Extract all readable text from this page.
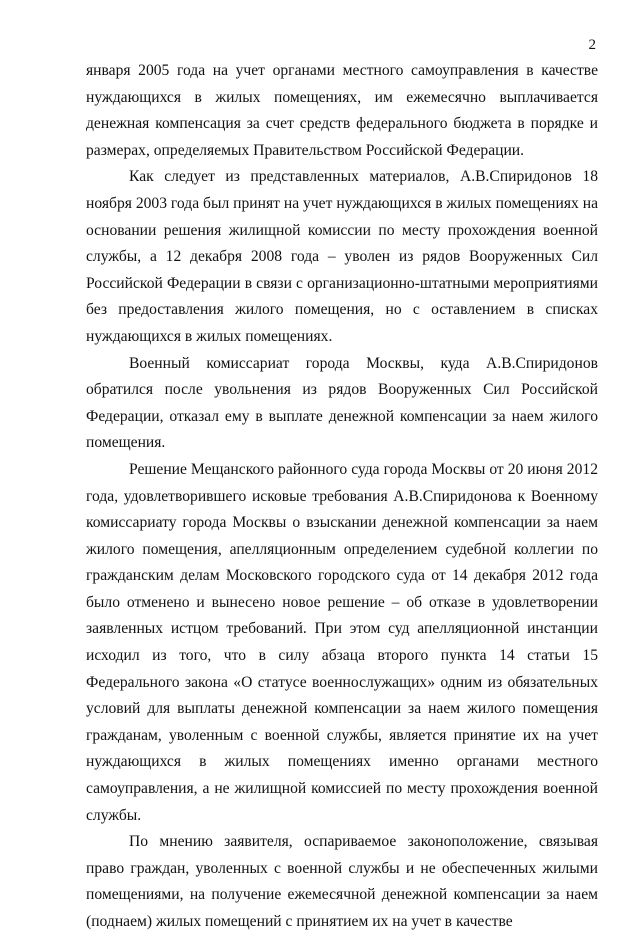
2

января 2005 года на учет органами местного самоуправления в качестве нуждающихся в жилых помещениях, им ежемесячно выплачивается денежная компенсация за счет средств федерального бюджета в порядке и размерах, определяемых Правительством Российской Федерации.

Как следует из представленных материалов, А.В.Спиридонов 18 ноября 2003 года был принят на учет нуждающихся в жилых помещениях на основании решения жилищной комиссии по месту прохождения военной службы, а 12 декабря 2008 года – уволен из рядов Вооруженных Сил Российской Федерации в связи с организационно-штатными мероприятиями без предоставления жилого помещения, но с оставлением в списках нуждающихся в жилых помещениях.

Военный комиссариат города Москвы, куда А.В.Спиридонов обратился после увольнения из рядов Вооруженных Сил Российской Федерации, отказал ему в выплате денежной компенсации за наем жилого помещения.

Решение Мещанского районного суда города Москвы от 20 июня 2012 года, удовлетворившего исковые требования А.В.Спиридонова к Военному комиссариату города Москвы о взыскании денежной компенсации за наем жилого помещения, апелляционным определением судебной коллегии по гражданским делам Московского городского суда от 14 декабря 2012 года было отменено и вынесено новое решение – об отказе в удовлетворении заявленных истцом требований. При этом суд апелляционной инстанции исходил из того, что в силу абзаца второго пункта 14 статьи 15 Федерального закона «О статусе военнослужащих» одним из обязательных условий для выплаты денежной компенсации за наем жилого помещения гражданам, уволенным с военной службы, является принятие их на учет нуждающихся в жилых помещениях именно органами местного самоуправления, а не жилищной комиссией по месту прохождения военной службы.

По мнению заявителя, оспариваемое законоположение, связывая право граждан, уволенных с военной службы и не обеспеченных жилыми помещениями, на получение ежемесячной денежной компенсации за наем (поднаем) жилых помещений с принятием их на учет в качестве
